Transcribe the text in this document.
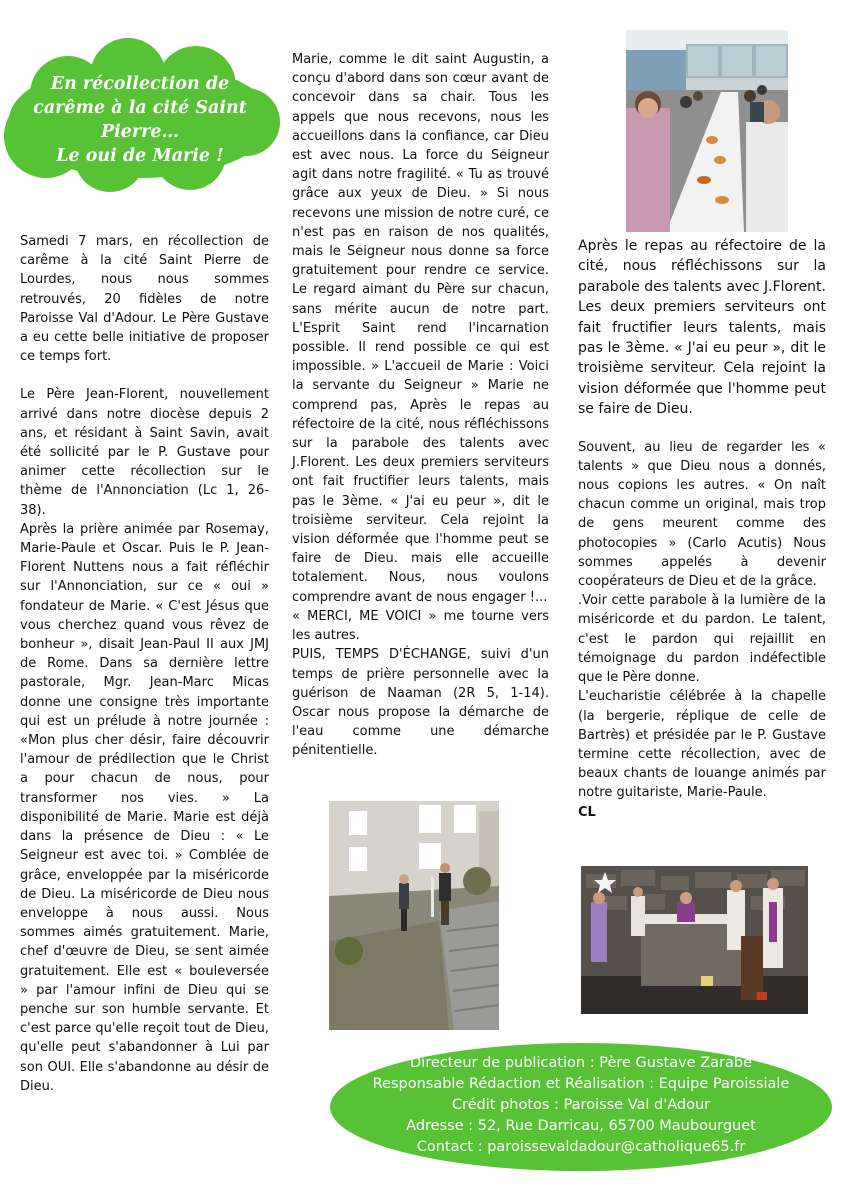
En récollection de
carême à la cité Saint
Pierre…
Le oui de Marie !

Samedi 7 mars, en récollection de carême à la cité Saint Pierre de Lourdes, nous nous sommes retrouvés, 20 fidèles de notre Paroisse Val d'Adour. Le Père Gustave a eu cette belle initiative de proposer ce temps fort.

Le Père Jean-Florent, nouvellement arrivé dans notre diocèse depuis 2 ans, et résidant à Saint Savin, avait été sollicité par le P. Gustave pour animer cette récollection sur le thème de l'Annonciation (Lc 1, 26-38).

Après la prière animée par Rosemay, Marie-Paule et Oscar. Puis le P. Jean-Florent Nuttens nous a fait réfléchir sur l'Annonciation, sur ce « oui » fondateur de Marie. « C'est Jésus que vous cherchez quand vous rêvez de bonheur », disait Jean-Paul II aux JMJ de Rome. Dans sa dernière lettre pastorale, Mgr. Jean-Marc Micas donne une consigne très importante qui est un prélude à notre journée : «Mon plus cher désir, faire découvrir l'amour de prédilection que le Christ a pour chacun de nous, pour transformer nos vies. » La disponibilité de Marie. Marie est déjà dans la présence de Dieu : « Le Seigneur est avec toi. » Comblée de grâce, enveloppée par la miséricorde de Dieu. La miséricorde de Dieu nous enveloppe à nous aussi. Nous sommes aimés gratuitement. Marie, chef d'œuvre de Dieu, se sent aimée gratuitement. Elle est « bouleversée » par l'amour infini de Dieu qui se penche sur son humble servante. Et c'est parce qu'elle reçoit tout de Dieu, qu'elle peut s'abandonner à Lui par son OUI. Elle s'abandonne au désir de Dieu.

Marie, comme le dit saint Augustin, a conçu d'abord dans son cœur avant de concevoir dans sa chair. Tous les appels que nous recevons, nous les accueillons dans la confiance, car Dieu est avec nous. La force du Seigneur agit dans notre fragilité. « Tu as trouvé grâce aux yeux de Dieu. » Si nous recevons une mission de notre curé, ce n'est pas en raison de nos qualités, mais le Seigneur nous donne sa force gratuitement pour rendre ce service. Le regard aimant du Père sur chacun, sans mérite aucun de notre part. L'Esprit Saint rend l'incarnation possible. Il rend possible ce qui est impossible. » L'accueil de Marie : Voici la servante du Seigneur » Marie ne comprend pas, Après le repas au réfectoire de la cité, nous réfléchissons sur la parabole des talents avec J.Florent. Les deux premiers serviteurs ont fait fructifier leurs talents, mais pas le 3ème. « J'ai eu peur », dit le troisième serviteur. Cela rejoint la vision déformée que l'homme peut se faire de Dieu. mais elle accueille totalement. Nous, nous voulons comprendre avant de nous engager !...

« MERCI, ME VOICI » me tourne vers les autres.

PUIS, TEMPS D'ÉCHANGE, suivi d'un temps de prière personnelle avec la guérison de Naaman (2R 5, 1-14). Oscar nous propose la démarche de l'eau comme une démarche pénitentielle.

Après le repas au réfectoire de la cité, nous réfléchissons sur la parabole des talents avec J.Florent. Les deux premiers serviteurs ont fait fructifier leurs talents, mais pas le 3ème. « J'ai eu peur », dit le troisième serviteur. Cela rejoint la vision déformée que l'homme peut se faire de Dieu.

Souvent, au lieu de regarder les « talents » que Dieu nous a donnés, nous copions les autres. « On naît chacun comme un original, mais trop de gens meurent comme des photocopies » (Carlo Acutis) Nous sommes appelés à devenir coopérateurs de Dieu et de la grâce.

.Voir cette parabole à la lumière de la miséricorde et du pardon. Le talent, c'est le pardon qui rejaillit en témoignage du pardon indéfectible que le Père donne.

L'eucharistie célébrée à la chapelle (la bergerie, réplique de celle de Bartrès) et présidée par le P. Gustave termine cette récollection, avec de beaux chants de louange animés par notre guitariste, Marie-Paule.

CL
Directeur de publication : Père Gustave Zarabe
Responsable Rédaction et Réalisation : Equipe Paroissiale
Crédit photos : Paroisse Val d'Adour
Adresse : 52, Rue Darricau, 65700 Maubourguet
Contact : paroissevaldadour@catholique65.fr
